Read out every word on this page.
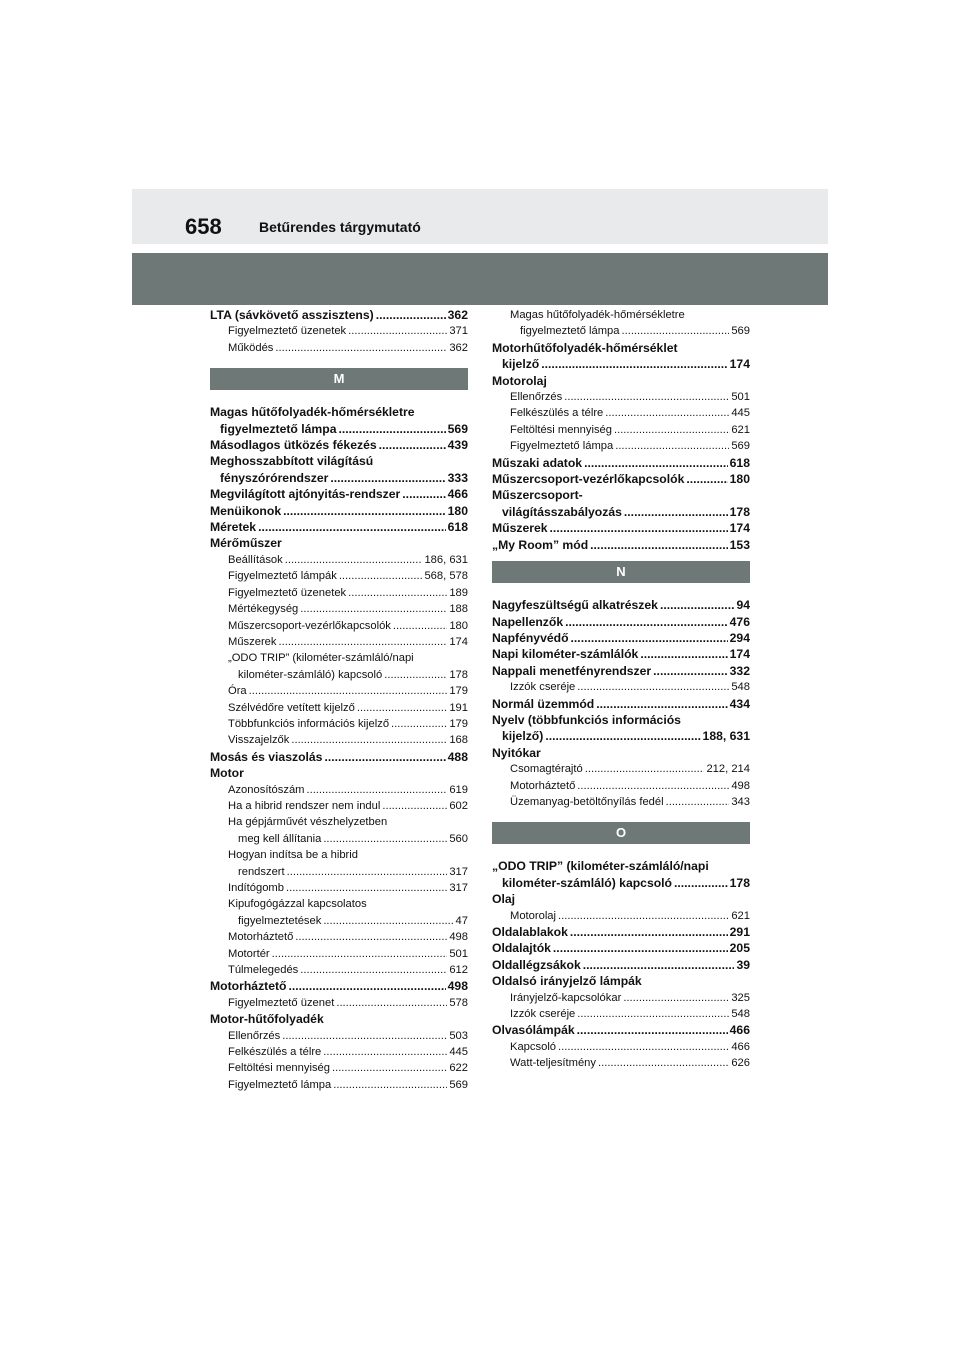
658	Betűrendes tárgymutató
LTA (sávkövető asszisztens) .....	362
Figyelmeztető üzenetek .....	371
Működés .....	362
M
Magas hűtőfolyadék-hőmérsékletre
figyelmeztető lámpa .....	569
Másodlagos ütközés fékezés .....	439
Meghosszabbított világítású
fényszórórendszer .....	333
Megvilágított ajtónyitás-rendszer .....	466
Menüikonok .....	180
Méretek .....	618
Mérőműszer
Beállítások .....	186, 631
Figyelmeztető lámpák .....	568, 578
Figyelmeztető üzenetek .....	189
Mértékegység .....	188
Műszercsoport-vezérlőkapcsolók .....	180
Műszerek .....	174
„ODO TRIP” (kilométer-számláló/napi
kilométer-számláló) kapcsoló .....	178
Óra .....	179
Szélvédőre vetített kijelző .....	191
Többfunkciós információs kijelző .....	179
Visszajelzők .....	168
Mosás és viaszolás .....	488
Motor
Azonosítószám .....	619
Ha a hibrid rendszer nem indul .....	602
Ha gépjárművét vészhelyzetben
meg kell állítania .....	560
Hogyan indítsa be a hibrid
rendszert .....	317
Indítógomb .....	317
Kipufogógázzal kapcsolatos
figyelmeztetések .....	47
Motorháztető .....	498
Motortér .....	501
Túlmelegedés .....	612
Motorháztető .....	498
Figyelmeztető üzenet .....	578
Motor-hűtőfolyadék
Ellenőrzés .....	503
Felkészülés a télre .....	445
Feltöltési mennyiség .....	622
Figyelmeztető lámpa .....	569
Magas hűtőfolyadék-hőmérsékletre
figyelmeztető lámpa .....	569
Motorhűtőfolyadék-hőmérséklet
kijelző .....	174
Motorolaj
Ellenőrzés .....	501
Felkészülés a télre .....	445
Feltöltési mennyiség .....	621
Figyelmeztető lámpa .....	569
Műszaki adatok .....	618
Műszercsoport-vezérlőkapcsolók .....	180
Műszercsoport-
világításszabályozás .....	178
Műszerek .....	174
„My Room” mód .....	153
N
Nagyfeszültségű alkatrészek .....	94
Napellenzők .....	476
Napfényvédő .....	294
Napi kilométer-számlálók .....	174
Nappali menetfényrendszer .....	332
Izzók cseréje .....	548
Normál üzemmód .....	434
Nyelv (többfunkciós információs
kijelző) .....	188, 631
Nyitókar
Csomagtérajtó .....	212, 214
Motorháztető .....	498
Üzemanyag-betöltőnyílás fedél .....	343
O
„ODO TRIP” (kilométer-számláló/napi
kilométer-számláló) kapcsoló .....	178
Olaj
Motorolaj .....	621
Oldalablakok .....	291
Oldalajtók .....	205
Oldallégzsákok .....	39
Oldalsó irányjelző lámpák
Irányjelző-kapcsolókar .....	325
Izzók cseréje .....	548
Olvasólámpák .....	466
Kapcsoló .....	466
Watt-teljesítmény .....	626
